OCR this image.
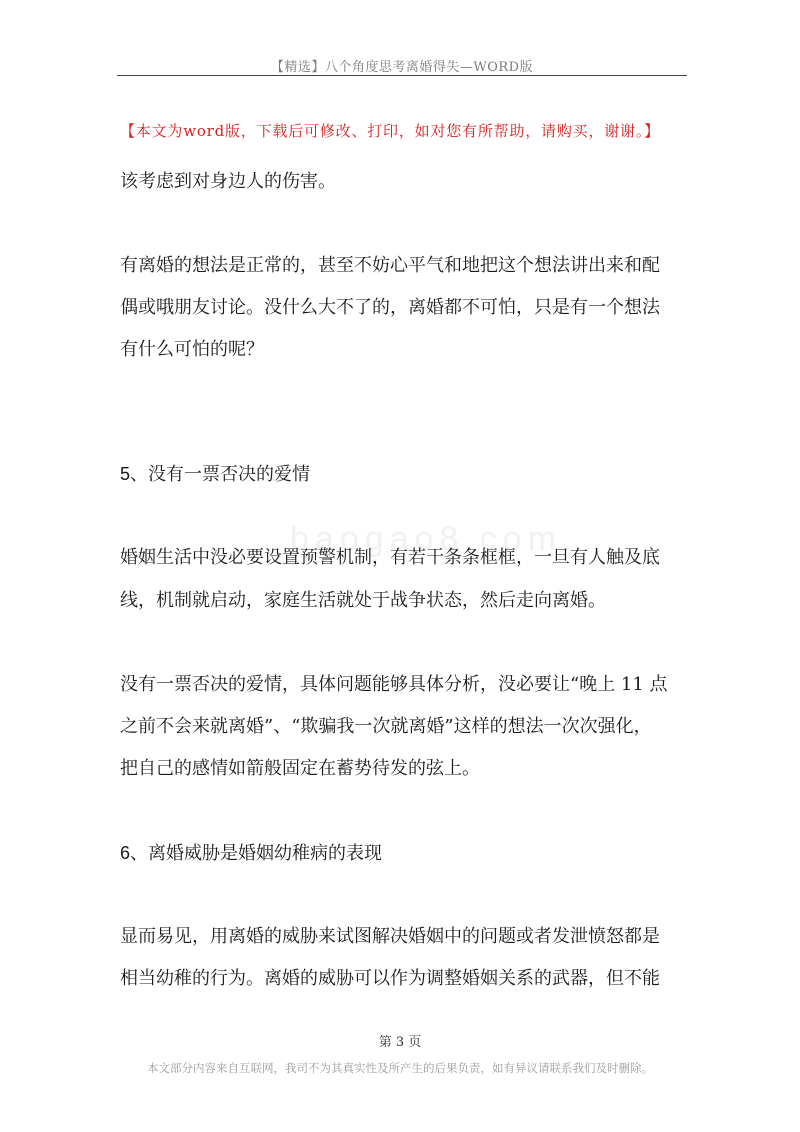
【精选】八个角度思考离婚得失—WORD版
【本文为word版，下载后可修改、打印，如对您有所帮助，请购买，谢谢。】
baogao8.com
该考虑到对身边人的伤害。
有离婚的想法是正常的，甚至不妨心平气和地把这个想法讲出来和配
偶或哦朋友讨论。没什么大不了的，离婚都不可怕，只是有一个想法
有什么可怕的呢？
5、没有一票否决的爱情
婚姻生活中没必要设置预警机制，有若干条条框框，一旦有人触及底
线，机制就启动，家庭生活就处于战争状态，然后走向离婚。
没有一票否决的爱情，具体问题能够具体分析，没必要让“晚上 11 点
之前不会来就离婚”、“欺骗我一次就离婚”这样的想法一次次强化，
把自己的感情如箭般固定在蓄势待发的弦上。
6、离婚威胁是婚姻幼稚病的表现
显而易见，用离婚的威胁来试图解决婚姻中的问题或者发泄愤怒都是
相当幼稚的行为。离婚的威胁可以作为调整婚姻关系的武器，但不能
第 3 页
本文部分内容来自互联网，我司不为其真实性及所产生的后果负责，如有异议请联系我们及时删除。
